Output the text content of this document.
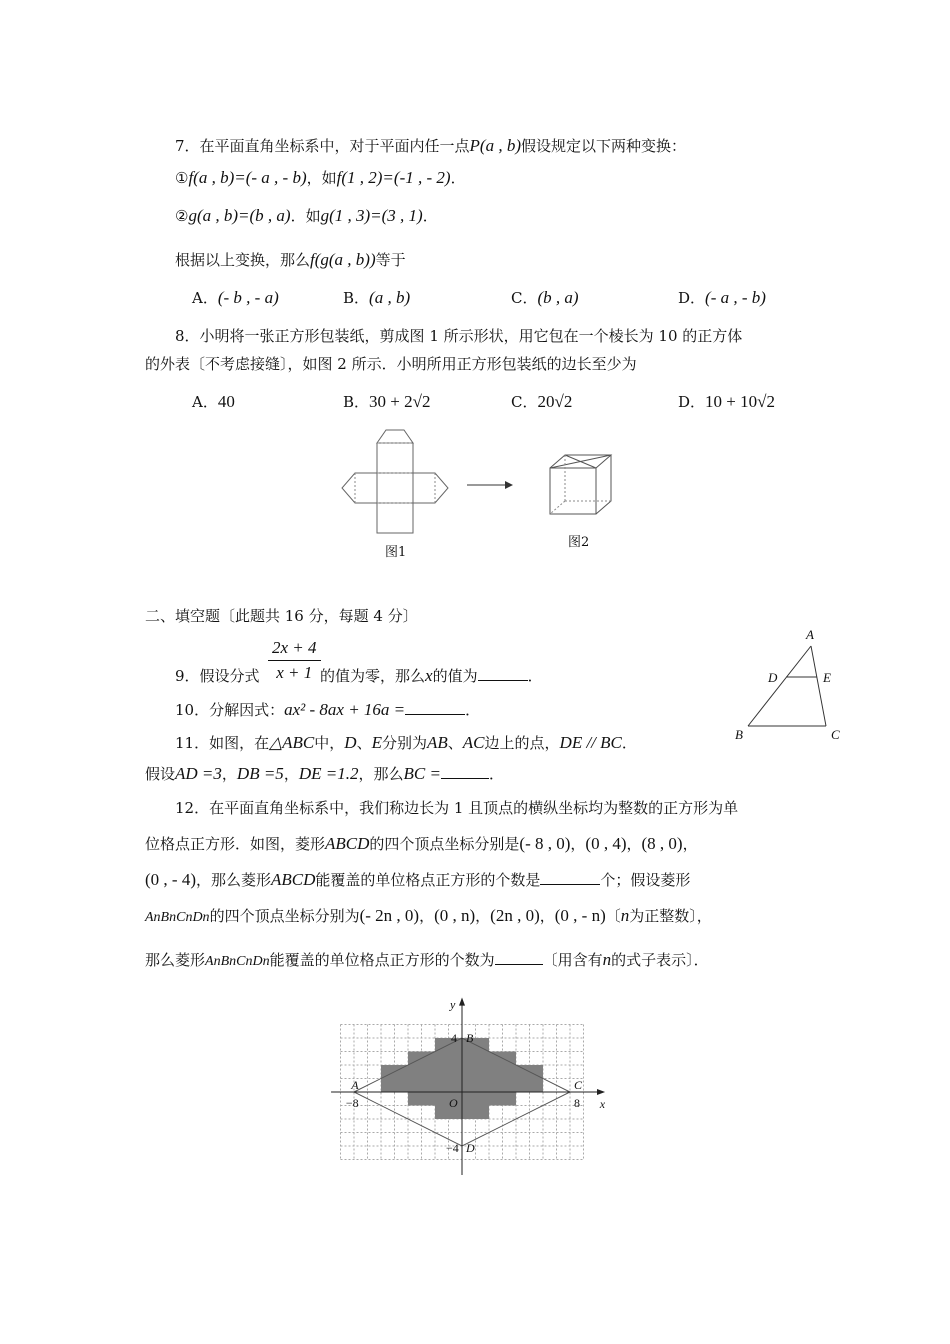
7．在平面直角坐标系中，对于平面内任一点P(a , b)假设规定以下两种变换：
①f(a , b)=(- a , - b)，如f(1 , 2)=(-1 , - 2)．
②g(a , b)=(b , a)．如g(1 , 3)=(3 , 1)．
根据以上变换，那么f(g(a , b))等于
A．(- b , - a)	B．(a , b)	C．(b , a)	D．(- a , - b)
8．小明将一张正方形包装纸，剪成图 1 所示形状，用它包在一个棱长为 10 的正方体
的外表〔不考虑接缝〕，如图 2 所示．小明所用正方形包装纸的边长至少为
A．40	B．30 + 2√2	C．20√2	D．10 + 10√2
图1
图2
二、填空题〔此题共 16 分，每题 4 分〕
9．假设分式 $\frac{2x + 4}{x + 1}$ 的值为零，那么x的值为	．
10．分解因式：ax² - 8ax + 16a =	．
11．如图，在△ABC中，D、E分别为AB、AC边上的点，DE // BC．
假设AD =3，DB =5，DE =1.2，那么BC =	．
A
D	E
B	C
12．在平面直角坐标系中，我们称边长为 1 且顶点的横纵坐标均为整数的正方形为单
位格点正方形．如图，菱形ABCD的四个顶点坐标分别是(- 8 , 0)，(0 , 4)，(8 , 0)，
(0 , - 4)，那么菱形ABCD能覆盖的单位格点正方形的个数是	个；假设菱形
AnBnCnDn的四个顶点坐标分别为(- 2n , 0)，(0 , n)，(2n , 0)，(0 , - n)〔n为正整数〕，
那么菱形AnBnCnDn能覆盖的单位格点正方形的个数为	〔用含有n的式子表示〕．
y
x
O
A
B
C
D
4
−4
−8	8
